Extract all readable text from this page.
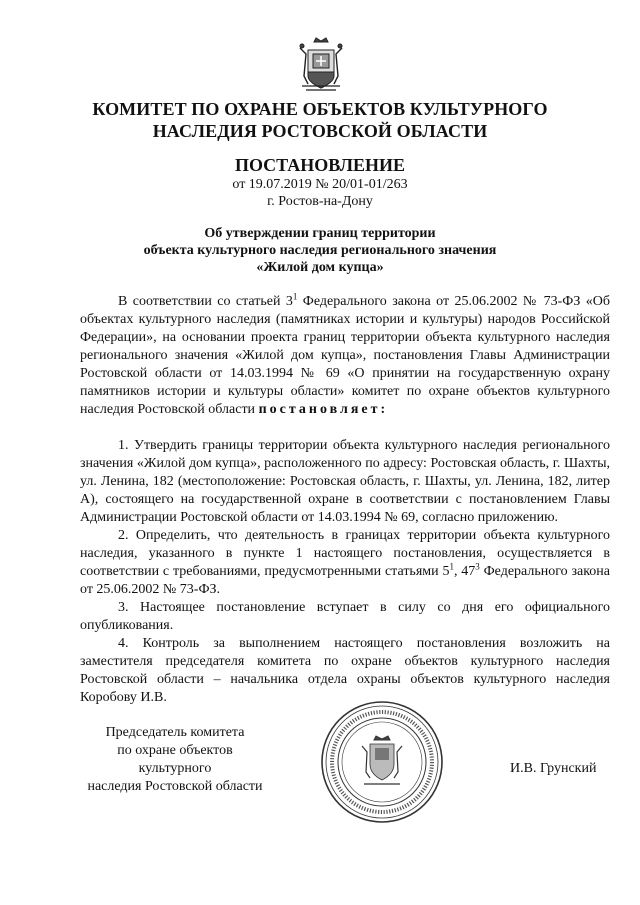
КОМИТЕТ ПО ОХРАНЕ ОБЪЕКТОВ КУЛЬТУРНОГО
НАСЛЕДИЯ РОСТОВСКОЙ ОБЛАСТИ
ПОСТАНОВЛЕНИЕ
от 19.07.2019 № 20/01-01/263
г. Ростов-на-Дону
Об утверждении границ территории
объекта культурного наследия регионального значения
«Жилой дом купца»

В соответствии со статьей $3^1$ Федерального закона от 25.06.2002 № 73-ФЗ «Об объектах культурного наследия (памятниках истории и культуры) народов Российской Федерации», на основании проекта границ территории объекта культурного наследия регионального значения «Жилой дом купца», постановления Главы Администрации Ростовской области от 14.03.1994 № 69 «О принятии на государственную охрану памятников истории и культуры области» комитет по охране объектов культурного наследия Ростовской области постановляет:

1. Утвердить границы территории объекта культурного наследия регионального значения «Жилой дом купца», расположенного по адресу: Ростовская область, г. Шахты, ул. Ленина, 182 (местоположение: Ростовская область, г. Шахты, ул. Ленина, 182, литер А), состоящего на государственной охране в соответствии с постановлением Главы Администрации Ростовской области от 14.03.1994 № 69, согласно приложению.

2. Определить, что деятельность в границах территории объекта культурного наследия, указанного в пункте 1 настоящего постановления, осуществляется в соответствии с требованиями, предусмотренными статьями $5^1$, $47^3$ Федерального закона от 25.06.2002 № 73-ФЗ.

3. Настоящее постановление вступает в силу со дня его официального опубликования.

4. Контроль за выполнением настоящего постановления возложить на заместителя председателя комитета по охране объектов культурного наследия Ростовской области – начальника отдела охраны объектов культурного наследия Коробову И.В.

Председатель комитета
по охране объектов культурного
наследия Ростовской области
И.В. Грунский
